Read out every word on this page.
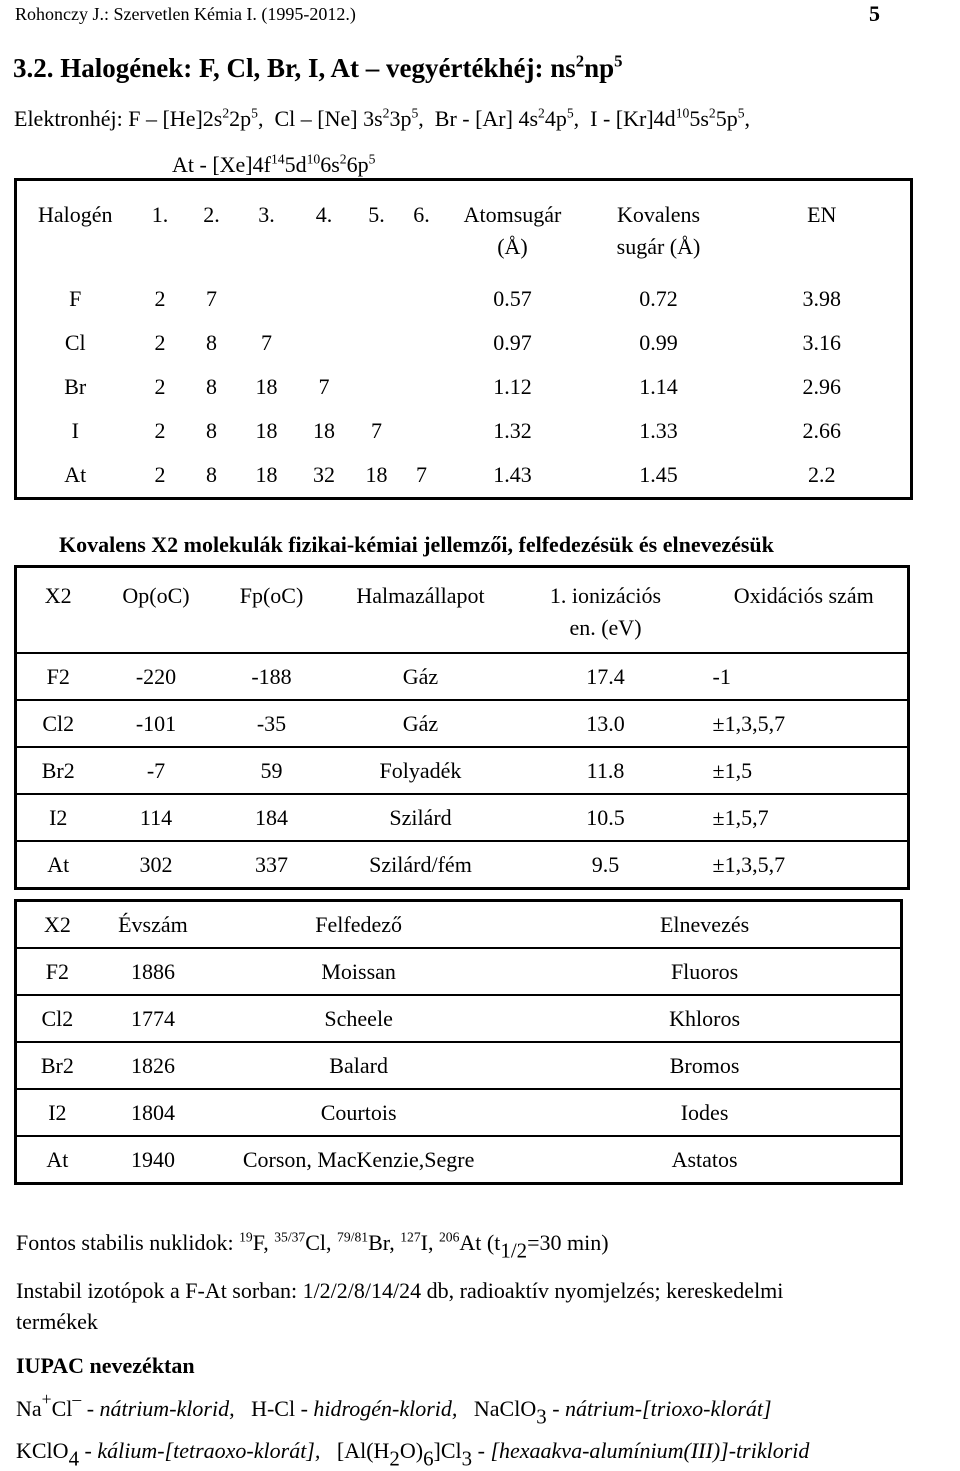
Rohonczy J.: Szervetlen Kémia I. (1995-2012.)	5
3.2. Halogének: F, Cl, Br, I, At – vegyértékhéj: $ns^2np^5$
Elektronhéj: F – $[He]2s^22p^5$,  Cl – [Ne] $3s^23p^5$,  Br - [Ar] $4s^24p^5$,  I - $[Kr]4d^{10}5s^25p^5$,
At - $[Xe]4f^{14}5d^{10}6s^26p^5$
Halogén	1.	2.	3.	4.	5.	6.	Atomsugár (Å)	Kovalens sugár (Å)	EN
F	2	7					0.57	0.72	3.98
Cl	2	8	7				0.97	0.99	3.16
Br	2	8	18	7			1.12	1.14	2.96
I	2	8	18	18	7		1.32	1.33	2.66
At	2	8	18	32	18	7	1.43	1.45	2.2
Kovalens X2 molekulák fizikai-kémiai jellemzői, felfedezésük és elnevezésük
X2	Op(oC)	Fp(oC)	Halmazállapot	1. ionizációs en. (eV)	Oxidációs szám
F2	-220	-188	Gáz	17.4	-1
Cl2	-101	-35	Gáz	13.0	±1,3,5,7
Br2	-7	59	Folyadék	11.8	±1,5
I2	114	184	Szilárd	10.5	±1,5,7
At	302	337	Szilárd/fém	9.5	±1,3,5,7
X2	Évszám	Felfedező	Elnevezés
F2	1886	Moissan	Fluoros
Cl2	1774	Scheele	Khloros
Br2	1826	Balard	Bromos
I2	1804	Courtois	Iodes
At	1940	Corson, MacKenzie,Segre	Astatos
Fontos stabilis nuklidok: $^{19}$F, $^{35/37}$Cl, $^{79/81}$Br, $^{127}$I, $^{206}$At (t1/2=30 min)
Instabil izotópok a F-At sorban: 1/2/2/8/14/24 db, radioaktív nyomjelzés; kereskedelmi
termékek
IUPAC nevezéktan
Na+Cl– - nátrium-klorid,   H-Cl - hidrogén-klorid,   NaClO3 - nátrium-[trioxo-klorát]
KClO4 - kálium-[tetraoxo-klorát],   [Al(H2O)6]Cl3 - [hexaakva-alumínium(III)]-triklorid
